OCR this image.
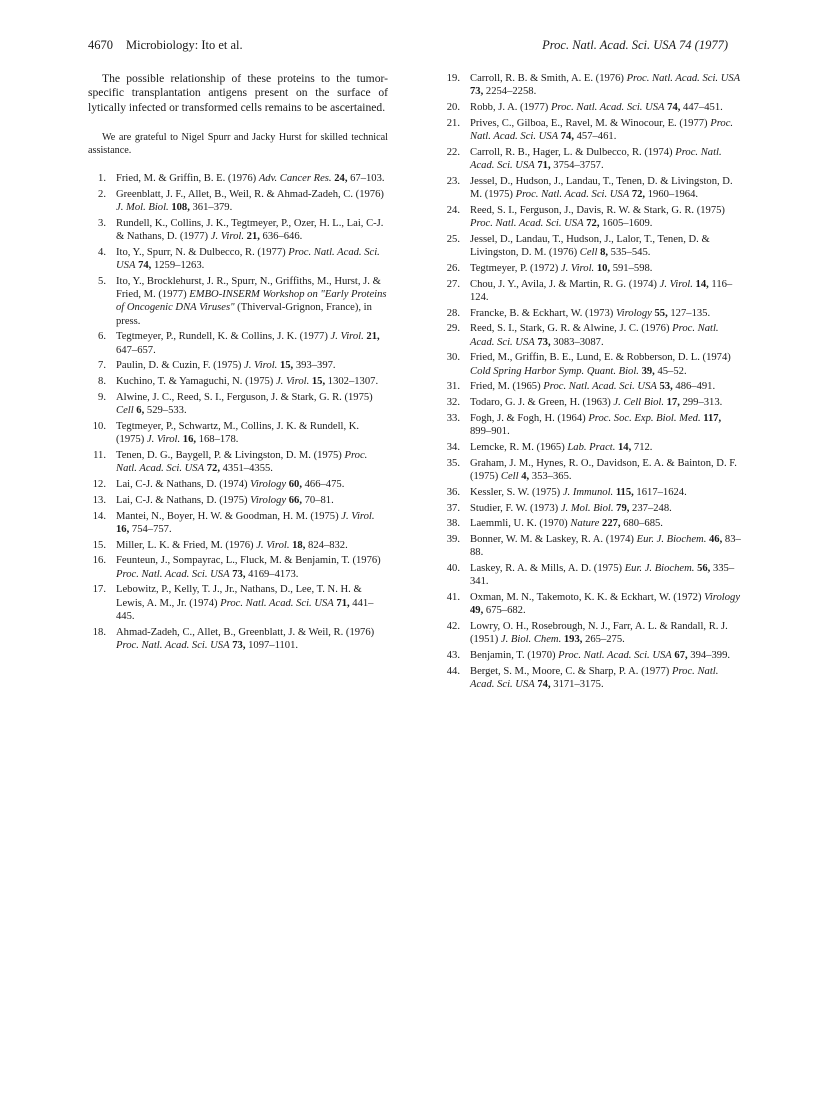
4670 Microbiology: Ito et al.	Proc. Natl. Acad. Sci. USA 74 (1977)

The possible relationship of these proteins to the tumor-specific transplantation antigens present on the surface of lytically infected or transformed cells remains to be ascertained.

We are grateful to Nigel Spurr and Jacky Hurst for skilled technical assistance.

1. Fried, M. & Griffin, B. E. (1976) Adv. Cancer Res. 24, 67–103.
2. Greenblatt, J. F., Allet, B., Weil, R. & Ahmad-Zadeh, C. (1976) J. Mol. Biol. 108, 361–379.
3. Rundell, K., Collins, J. K., Tegtmeyer, P., Ozer, H. L., Lai, C-J. & Nathans, D. (1977) J. Virol. 21, 636–646.
4. Ito, Y., Spurr, N. & Dulbecco, R. (1977) Proc. Natl. Acad. Sci. USA 74, 1259–1263.
5. Ito, Y., Brocklehurst, J. R., Spurr, N., Griffiths, M., Hurst, J. & Fried, M. (1977) EMBO-INSERM Workshop on "Early Proteins of Oncogenic DNA Viruses" (Thiverval-Grignon, France), in press.
6. Tegtmeyer, P., Rundell, K. & Collins, J. K. (1977) J. Virol. 21, 647–657.
7. Paulin, D. & Cuzin, F. (1975) J. Virol. 15, 393–397.
8. Kuchino, T. & Yamaguchi, N. (1975) J. Virol. 15, 1302–1307.
9. Alwine, J. C., Reed, S. I., Ferguson, J. & Stark, G. R. (1975) Cell 6, 529–533.
10. Tegtmeyer, P., Schwartz, M., Collins, J. K. & Rundell, K. (1975) J. Virol. 16, 168–178.
11. Tenen, D. G., Baygell, P. & Livingston, D. M. (1975) Proc. Natl. Acad. Sci. USA 72, 4351–4355.
12. Lai, C-J. & Nathans, D. (1974) Virology 60, 466–475.
13. Lai, C-J. & Nathans, D. (1975) Virology 66, 70–81.
14. Mantei, N., Boyer, H. W. & Goodman, H. M. (1975) J. Virol. 16, 754–757.
15. Miller, L. K. & Fried, M. (1976) J. Virol. 18, 824–832.
16. Feunteun, J., Sompayrac, L., Fluck, M. & Benjamin, T. (1976) Proc. Natl. Acad. Sci. USA 73, 4169–4173.
17. Lebowitz, P., Kelly, T. J., Jr., Nathans, D., Lee, T. N. H. & Lewis, A. M., Jr. (1974) Proc. Natl. Acad. Sci. USA 71, 441–445.
18. Ahmad-Zadeh, C., Allet, B., Greenblatt, J. & Weil, R. (1976) Proc. Natl. Acad. Sci. USA 73, 1097–1101.
19. Carroll, R. B. & Smith, A. E. (1976) Proc. Natl. Acad. Sci. USA 73, 2254–2258.
20. Robb, J. A. (1977) Proc. Natl. Acad. Sci. USA 74, 447–451.
21. Prives, C., Gilboa, E., Ravel, M. & Winocour, E. (1977) Proc. Natl. Acad. Sci. USA 74, 457–461.
22. Carroll, R. B., Hager, L. & Dulbecco, R. (1974) Proc. Natl. Acad. Sci. USA 71, 3754–3757.
23. Jessel, D., Hudson, J., Landau, T., Tenen, D. & Livingston, D. M. (1975) Proc. Natl. Acad. Sci. USA 72, 1960–1964.
24. Reed, S. I., Ferguson, J., Davis, R. W. & Stark, G. R. (1975) Proc. Natl. Acad. Sci. USA 72, 1605–1609.
25. Jessel, D., Landau, T., Hudson, J., Lalor, T., Tenen, D. & Livingston, D. M. (1976) Cell 8, 535–545.
26. Tegtmeyer, P. (1972) J. Virol. 10, 591–598.
27. Chou, J. Y., Avila, J. & Martin, R. G. (1974) J. Virol. 14, 116–124.
28. Francke, B. & Eckhart, W. (1973) Virology 55, 127–135.
29. Reed, S. I., Stark, G. R. & Alwine, J. C. (1976) Proc. Natl. Acad. Sci. USA 73, 3083–3087.
30. Fried, M., Griffin, B. E., Lund, E. & Robberson, D. L. (1974) Cold Spring Harbor Symp. Quant. Biol. 39, 45–52.
31. Fried, M. (1965) Proc. Natl. Acad. Sci. USA 53, 486–491.
32. Todaro, G. J. & Green, H. (1963) J. Cell Biol. 17, 299–313.
33. Fogh, J. & Fogh, H. (1964) Proc. Soc. Exp. Biol. Med. 117, 899–901.
34. Lemcke, R. M. (1965) Lab. Pract. 14, 712.
35. Graham, J. M., Hynes, R. O., Davidson, E. A. & Bainton, D. F. (1975) Cell 4, 353–365.
36. Kessler, S. W. (1975) J. Immunol. 115, 1617–1624.
37. Studier, F. W. (1973) J. Mol. Biol. 79, 237–248.
38. Laemmli, U. K. (1970) Nature 227, 680–685.
39. Bonner, W. M. & Laskey, R. A. (1974) Eur. J. Biochem. 46, 83–88.
40. Laskey, R. A. & Mills, A. D. (1975) Eur. J. Biochem. 56, 335–341.
41. Oxman, M. N., Takemoto, K. K. & Eckhart, W. (1972) Virology 49, 675–682.
42. Lowry, O. H., Rosebrough, N. J., Farr, A. L. & Randall, R. J. (1951) J. Biol. Chem. 193, 265–275.
43. Benjamin, T. (1970) Proc. Natl. Acad. Sci. USA 67, 394–399.
44. Berget, S. M., Moore, C. & Sharp, P. A. (1977) Proc. Natl. Acad. Sci. USA 74, 3171–3175.
